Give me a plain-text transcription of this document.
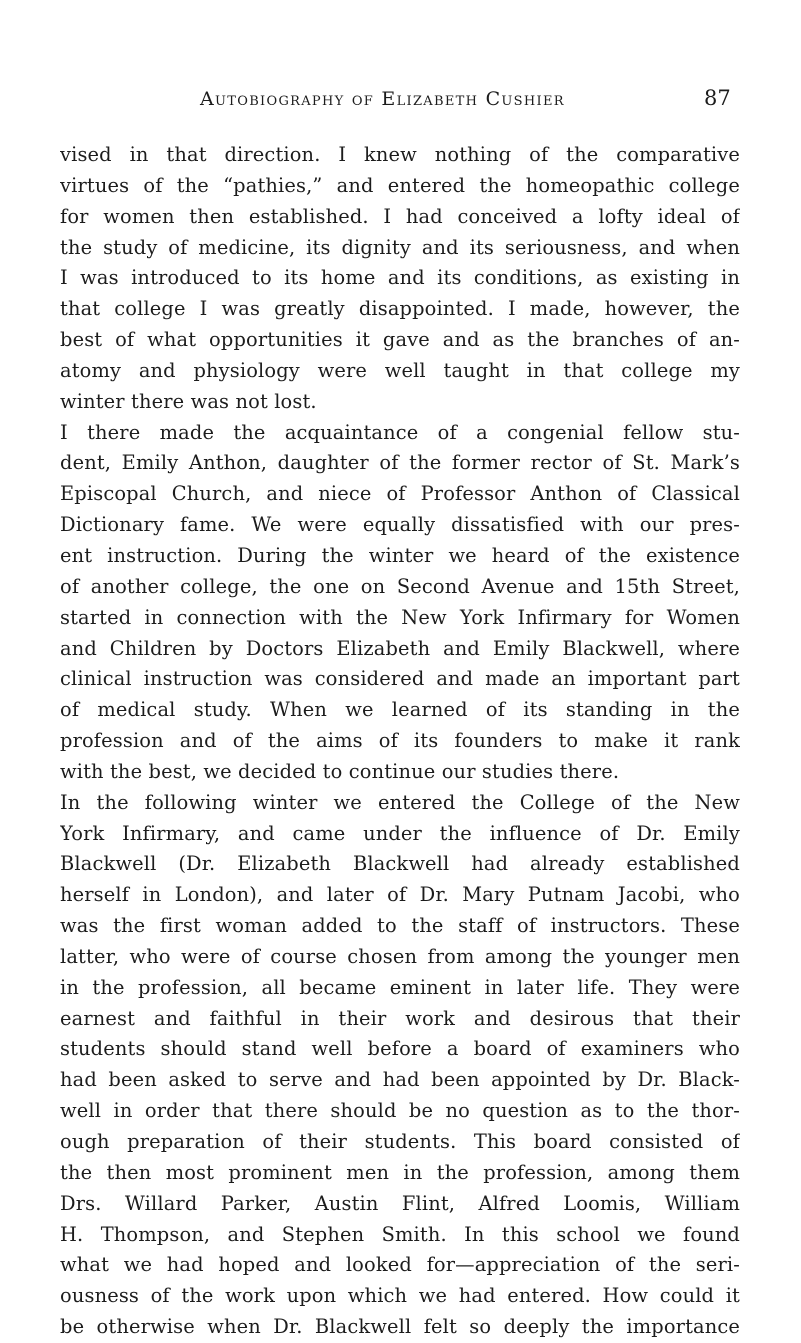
Autobiography of Elizabeth Cushier	87
vised in that direction. I knew nothing of the comparative
virtues of the “pathies,” and entered the homeopathic college
for women then established. I had conceived a lofty ideal of
the study of medicine, its dignity and its seriousness, and when
I was introduced to its home and its conditions, as existing in
that college I was greatly disappointed. I made, however, the
best of what opportunities it gave and as the branches of an-
atomy and physiology were well taught in that college my
winter there was not lost.
I there made the acquaintance of a congenial fellow stu-
dent, Emily Anthon, daughter of the former rector of St. Mark’s
Episcopal Church, and niece of Professor Anthon of Classical
Dictionary fame. We were equally dissatisfied with our pres-
ent instruction. During the winter we heard of the existence
of another college, the one on Second Avenue and 15th Street,
started in connection with the New York Infirmary for Women
and Children by Doctors Elizabeth and Emily Blackwell, where
clinical instruction was considered and made an important part
of medical study. When we learned of its standing in the
profession and of the aims of its founders to make it rank
with the best, we decided to continue our studies there.
In the following winter we entered the College of the New
York Infirmary, and came under the influence of Dr. Emily
Blackwell (Dr. Elizabeth Blackwell had already established
herself in London), and later of Dr. Mary Putnam Jacobi, who
was the first woman added to the staff of instructors. These
latter, who were of course chosen from among the younger men
in the profession, all became eminent in later life. They were
earnest and faithful in their work and desirous that their
students should stand well before a board of examiners who
had been asked to serve and had been appointed by Dr. Black-
well in order that there should be no question as to the thor-
ough preparation of their students. This board consisted of
the then most prominent men in the profession, among them
Drs. Willard Parker, Austin Flint, Alfred Loomis, William
H. Thompson, and Stephen Smith. In this school we found
what we had hoped and looked for—appreciation of the seri-
ousness of the work upon which we had entered. How could it
be otherwise when Dr. Blackwell felt so deeply the importance
